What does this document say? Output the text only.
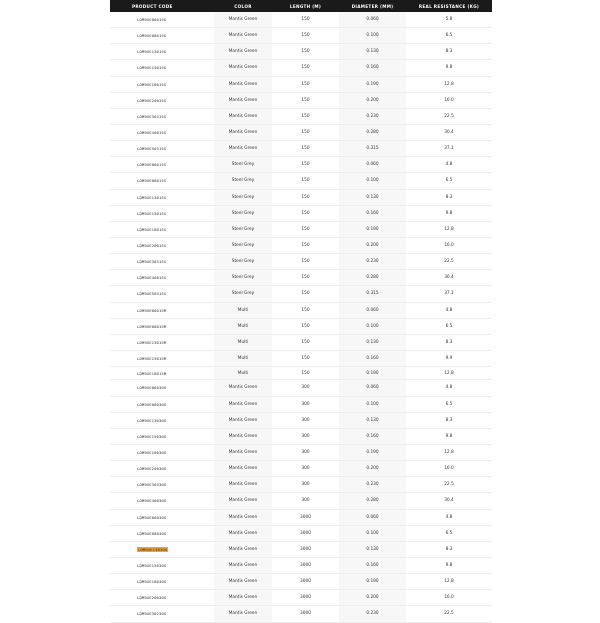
PRODUCT CODE	COLOR	LENGTH (M)	DIAMETER (MM)	REAL RESISTANCE (KG)
LDM9XE06015G	Mantis Green	150	0.060	5.8
LDM9XE08015G	Mantis Green	150	0.100	6.5
LDM9XE13015G	Mantis Green	150	0.130	8.3
LDM9XE15015G	Mantis Green	150	0.160	9.8
LDM9XE18015G	Mantis Green	150	0.190	12.8
LDM9XE20015G	Mantis Green	150	0.200	16.0
LDM9XE30315G	Mantis Green	150	0.230	22.5
LDM9XE40815G	Mantis Green	150	0.280	30.4
LDM9XE50315G	Mantis Green	150	0.315	37.1
LDM9XE06015S	Steel Grey	150	0.060	4.8
LDM9XE08015S	Steel Grey	150	0.100	6.5
LDM9XE13015S	Steel Grey	150	0.130	8.3
LDM9XE15015S	Steel Grey	150	0.160	9.8
LDM9XE18015S	Steel Grey	150	0.190	12.8
LDM9XE20015S	Steel Grey	150	0.200	16.0
LDM9XE30315S	Steel Grey	150	0.230	22.5
LDM9XE40815S	Steel Grey	150	0.280	30.4
LDM9XE50315S	Steel Grey	150	0.315	37.1
LDM9XE06015M	Multi	150	0.060	4.8
LDM9XE08015M	Multi	150	0.100	6.5
LDM9XE13015M	Multi	150	0.130	8.3
LDM9XE15015M	Multi	150	0.160	9.9
LDM9XE18015M	Multi	150	0.190	12.8
LDM9XE06030G	Mantis Green	300	0.060	4.8
LDM9XE08030G	Mantis Green	300	0.100	6.5
LDM9XE13030G	Mantis Green	300	0.130	8.3
LDM9XE15030G	Mantis Green	300	0.160	9.8
LDM9XE18030G	Mantis Green	300	0.190	12.8
LDM9XE20030G	Mantis Green	300	0.200	16.0
LDM9XE30330G	Mantis Green	300	0.230	22.5
LDM9XE40830G	Mantis Green	300	0.280	30.4
LDM9XE06030G	Mantis Green	3000	0.060	4.8
LDM9XE08030G	Mantis Green	3000	0.100	6.5
LDM9XE13030G	Mantis Green	3000	0.130	8.3
LDM9XE15030G	Mantis Green	3000	0.160	9.8
LDM9XE18030G	Mantis Green	3000	0.190	12.8
LDM9XE20030G	Mantis Green	3000	0.200	16.0
LDM9XE30230G	Mantis Green	3000	0.230	22.5
